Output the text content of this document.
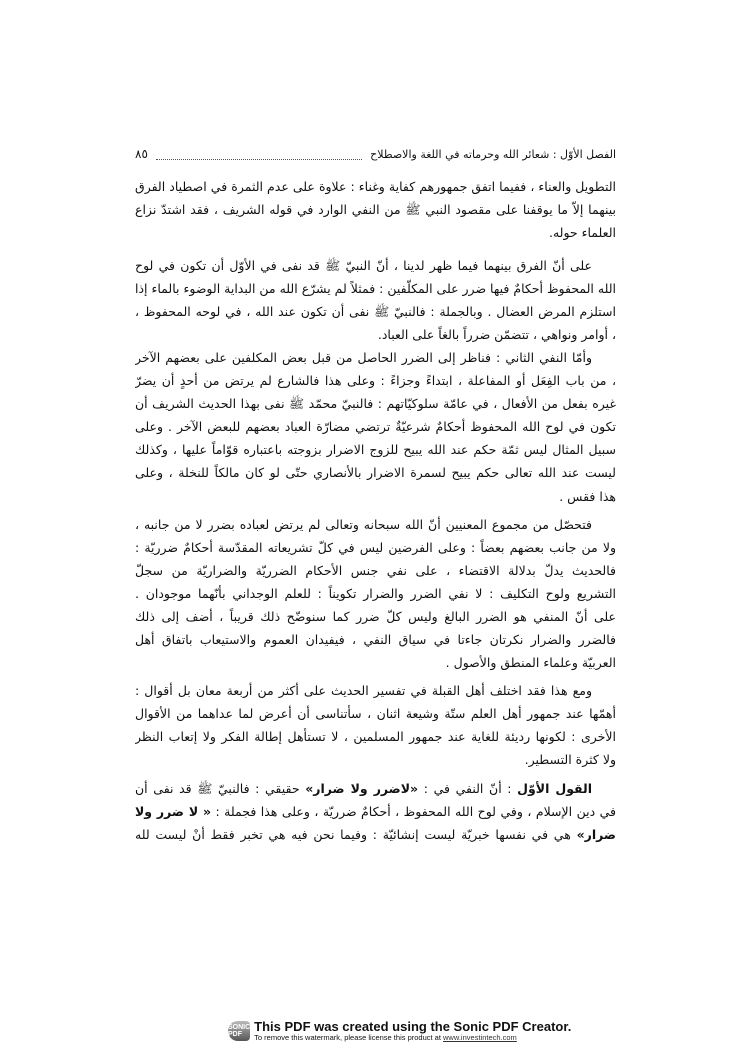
الفصل الأوّل : شعائر الله وحرماته في اللغة والاصطلاح
٨٥
التطويل والعناء ، ففيما اتفق جمهورهم كفاية وغناء : علاوة على عدم الثمرة في اصطياد الفرق
بينهما إلاّ ما يوقفنا على مقصود النبي ﷺ من النفي الوارد في قوله الشريف ، فقد اشتدّ نزاع
العلماء حوله.
على أنّ الفرق بينهما فيما ظهر لدينا ، أنّ النبيّ ﷺ قد نفى في الأوّل أن تكون في لوح
الله المحفوظ أحكامٌ فيها ضرر على المكلّفين : فمثلاً لم يشرّع الله من البداية الوضوء بالماء إذا
استلزم المرض العضال . وبالجملة : فالنبيّ ﷺ نفى أن تكون عند الله ، في لوحه المحفوظ ،
، أوامر ونواهي ، تتضمّن ضرراً بالغاً على العباد.
وأمّا النفي الثاني : فناظر إلى الضرر الحاصل من قبل بعض المكلفين على بعضهم الآخر
، من باب الفِعَل أو المفاعلة ، ابتداءً وجزاءً : وعلى هذا فالشارع لم يرتض من أحدٍ أن يضرّ
غيره بفعل من الأفعال ، في عامّة سلوكيّاتهم : فالنبيّ محمّد ﷺ نفى بهذا الحديث الشريف أن
تكون في لوح الله المحفوظ أحكامٌ شرعيّةٌ ترتضي مضارّة العباد بعضهم للبعض الآخر . وعلى
سبيل المثال ليس ثمّة حكم عند الله يبيح للزوج الاضرار بزوجته باعتباره قوّاماً عليها ، وكذلك
ليست عند الله تعالى حكم يبيح لسمرة الاضرار بالأنصاري حتّى لو كان مالكاً للنخلة ، وعلى
هذا فقس .
فتحصّل من مجموع المعنيين أنّ الله سبحانه وتعالى لم يرتض لعباده بضرر لا من جانبه ،
ولا من جانب بعضهم بعضاً : وعلى الفرضين ليس في كلّ تشريعاته المقدّسة أحكامٌ ضرريّة :
فالحديث يدلّ بدلالة الاقتضاء ، على نفي جنس الأحكام الضرريّة والضراريّة من سجلّ
التشريع ولوح التكليف : لا نفي الضرر والضرار تكويناً : للعلم الوجداني بأنّهما موجودان .
على أنّ المنفي هو الضرر البالغ وليس كلّ ضرر كما سنوضّح ذلك قريباً ، أضف إلى ذلك
فالضرر والضرار نكرتان جاءتا في سياق النفي ، فيفيدان العموم والاستيعاب باتفاق أهل
العربيّة وعلماء المنطق والأصول .
ومع هذا فقد اختلف أهل القبلة في تفسير الحديث على أكثر من أربعة معان بل أقوال :
أهمّها عند جمهور أهل العلم ستّة وشيعة اثنان ، سأتناسى أن أعرض لما عداهما من الأقوال
الأخرى : لكونها رديئة للغاية عند جمهور المسلمين ، لا تستأهل إطالة الفكر ولا إتعاب النظر
ولا كثرة التسطير.
القول الأوّل : أنّ النفي في : «لاضرر ولا ضرار» حقيقي : فالنبيّ ﷺ قد نفى أن
في دين الإسلام ، وفي لوح الله المحفوظ ، أحكامٌ ضرريّة ، وعلى هذا فجملة : « لا ضرر ولا
ضرار» هي في نفسها خبريّة ليست إنشائيّة : وفيما نحن فيه هي تخبر فقط أنْ ليست لله
SONIC PDF
This PDF was created using the Sonic PDF Creator.
To remove this watermark, please license this product at www.investintech.com
